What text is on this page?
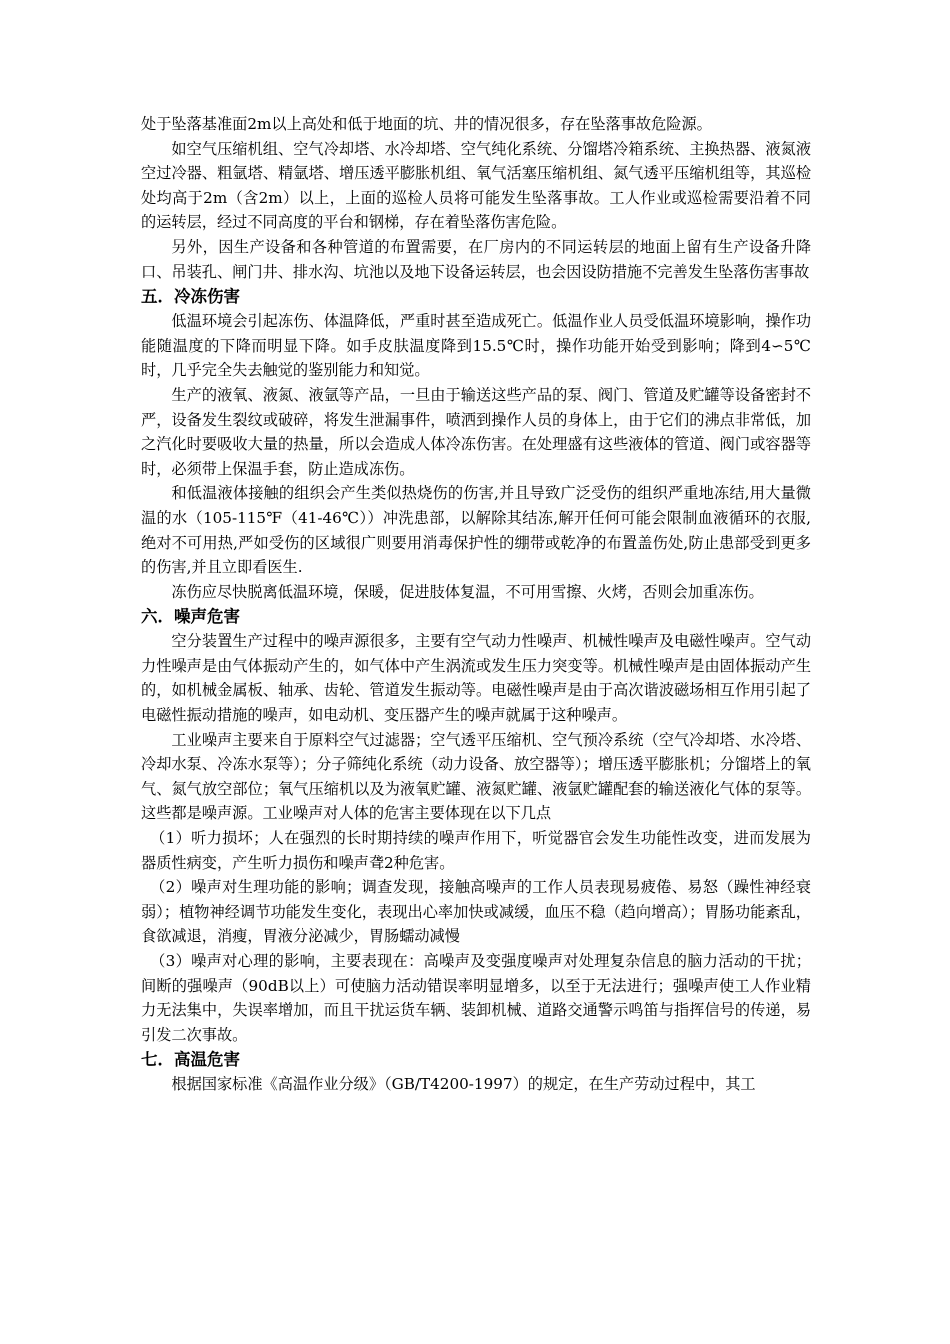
处于坠落基准面2m以上高处和低于地面的坑、井的情况很多，存在坠落事故危险源。

如空气压缩机组、空气冷却塔、水冷却塔、空气纯化系统、分馏塔冷箱系统、主换热器、液氮液空过冷器、粗氩塔、精氩塔、增压透平膨胀机组、氧气活塞压缩机组、氮气透平压缩机组等，其巡检处均高于2m（含2m）以上，上面的巡检人员将可能发生坠落事故。工人作业或巡检需要沿着不同的运转层，经过不同高度的平台和钢梯，存在着坠落伤害危险。

另外，因生产设备和各种管道的布置需要，在厂房内的不同运转层的地面上留有生产设备升降口、吊装孔、闸门井、排水沟、坑池以及地下设备运转层，也会因设防措施不完善发生坠落伤害事故

五．冷冻伤害

低温环境会引起冻伤、体温降低，严重时甚至造成死亡。低温作业人员受低温环境影响，操作功能随温度的下降而明显下降。如手皮肤温度降到15.5℃时，操作功能开始受到影响；降到4∽5℃时，几乎完全失去触觉的鉴别能力和知觉。

生产的液氧、液氮、液氩等产品，一旦由于输送这些产品的泵、阀门、管道及贮罐等设备密封不严，设备发生裂纹或破碎，将发生泄漏事件，喷洒到操作人员的身体上，由于它们的沸点非常低，加之汽化时要吸收大量的热量，所以会造成人体冷冻伤害。在处理盛有这些液体的管道、阀门或容器等时，必须带上保温手套，防止造成冻伤。

和低温液体接触的组织会产生类似热烧伤的伤害,并且导致广泛受伤的组织严重地冻结,用大量微温的水（105-115℉（41-46℃））冲洗患部，以解除其结冻,解开任何可能会限制血液循环的衣服,绝对不可用热,严如受伤的区域很广则要用消毒保护性的绷带或乾净的布置盖伤处,防止患部受到更多的伤害,并且立即看医生.

冻伤应尽快脱离低温环境，保暖，促进肢体复温，不可用雪擦、火烤，否则会加重冻伤。

六．噪声危害

空分装置生产过程中的噪声源很多，主要有空气动力性噪声、机械性噪声及电磁性噪声。空气动力性噪声是由气体振动产生的，如气体中产生涡流或发生压力突变等。机械性噪声是由固体振动产生的，如机械金属板、轴承、齿轮、管道发生振动等。电磁性噪声是由于高次谐波磁场相互作用引起了电磁性振动措施的噪声，如电动机、变压器产生的噪声就属于这种噪声。

工业噪声主要来自于原料空气过滤器；空气透平压缩机、空气预冷系统（空气冷却塔、水冷塔、冷却水泵、冷冻水泵等）；分子筛纯化系统（动力设备、放空器等）；增压透平膨胀机；分馏塔上的氧气、氮气放空部位；氧气压缩机以及为液氧贮罐、液氮贮罐、液氩贮罐配套的输送液化气体的泵等。这些都是噪声源。工业噪声对人体的危害主要体现在以下几点

（1）听力损坏；人在强烈的长时期持续的噪声作用下，听觉器官会发生功能性改变，进而发展为器质性病变，产生听力损伤和噪声聋2种危害。

（2）噪声对生理功能的影响；调查发现，接触高噪声的工作人员表现易疲倦、易怒（躁性神经衰弱）；植物神经调节功能发生变化，表现出心率加快或减缓，血压不稳（趋向增高）；胃肠功能紊乱，食欲减退，消瘦，胃液分泌减少，胃肠蠕动减慢

（3）噪声对心理的影响，主要表现在：高噪声及变强度噪声对处理复杂信息的脑力活动的干扰；间断的强噪声（90dB以上）可使脑力活动错误率明显增多，以至于无法进行；强噪声使工人作业精力无法集中，失误率增加，而且干扰运货车辆、装卸机械、道路交通警示鸣笛与指挥信号的传递，易引发二次事故。

七．高温危害

根据国家标准《高温作业分级》（GB/T4200-1997）的规定，在生产劳动过程中，其工
